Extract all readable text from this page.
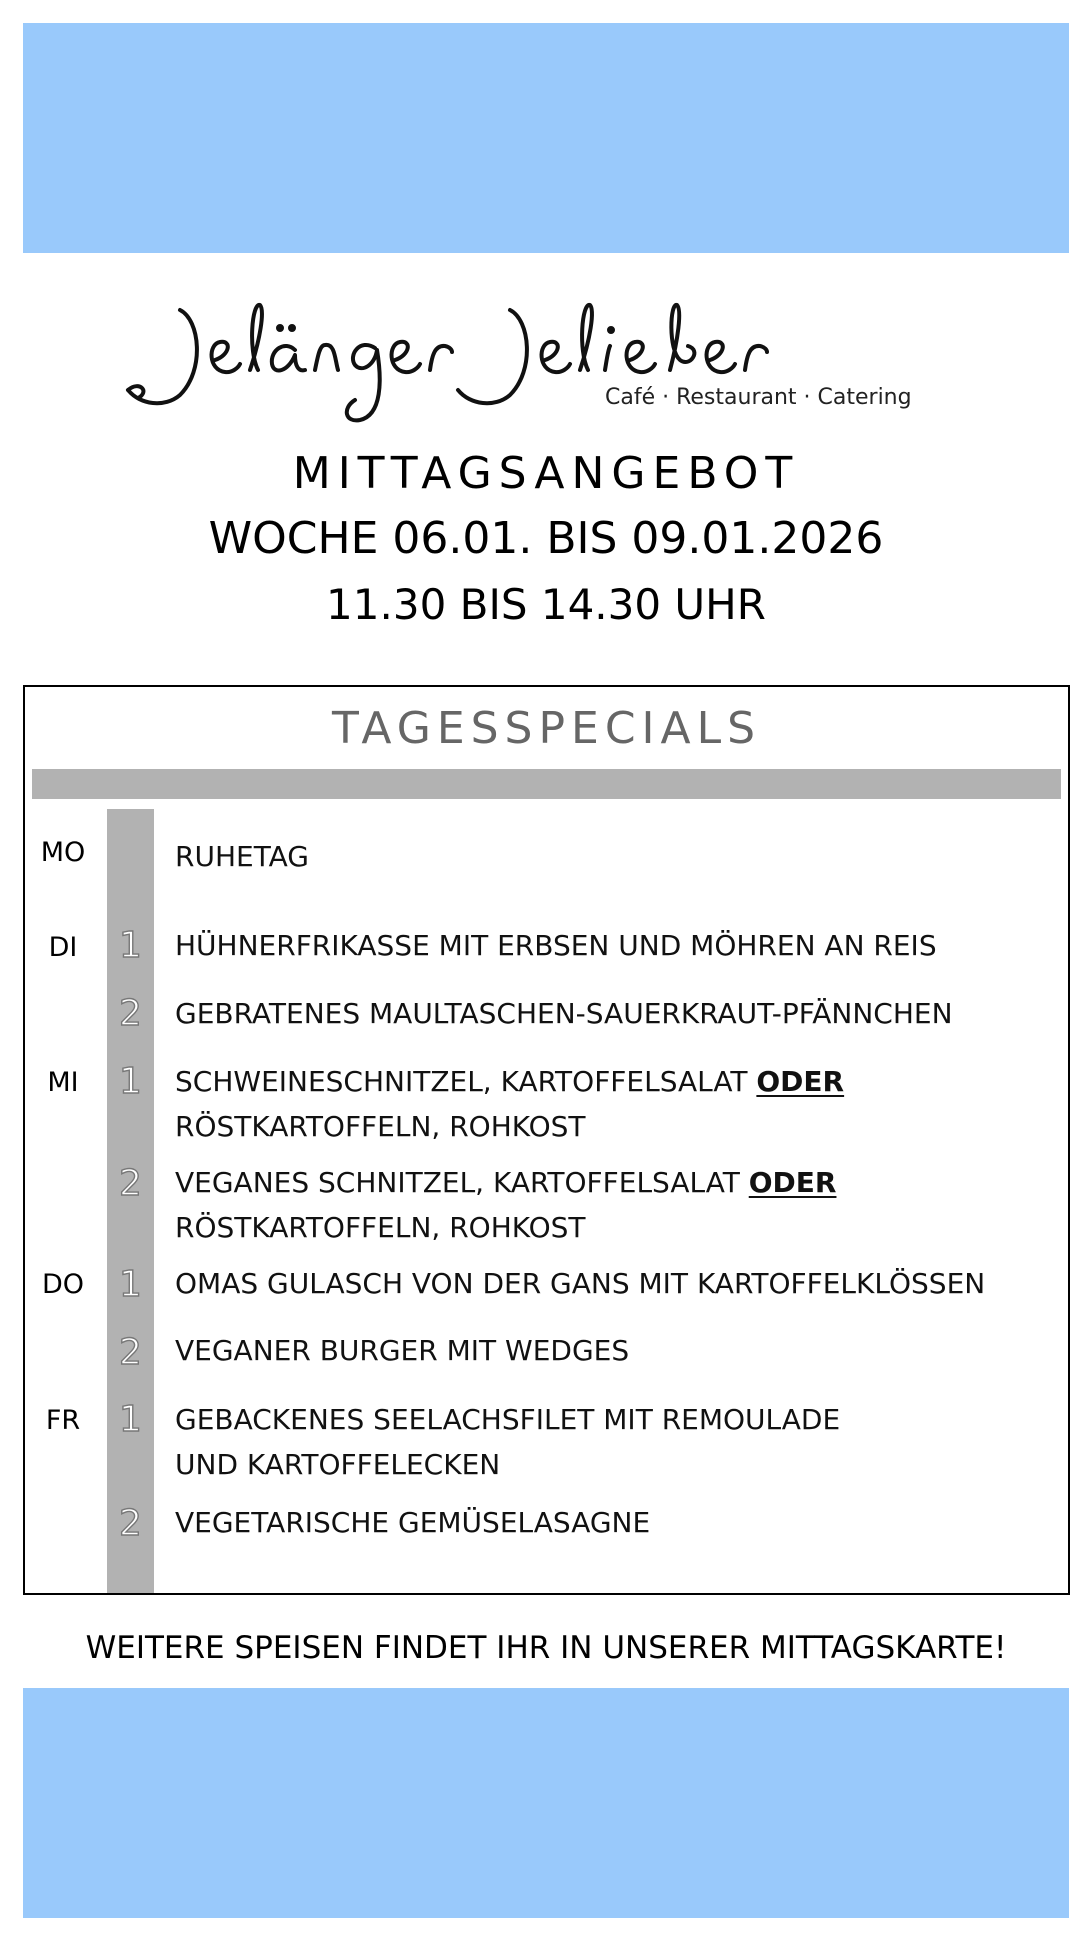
Café · Restaurant · Catering
MITTAGSANGEBOT
WOCHE 06.01. BIS 09.01.2026
11.30 BIS 14.30 UHR
TAGESSPECIALS
MO	RUHETAG
DI	1	HÜHNERFRIKASSE MIT ERBSEN UND MÖHREN AN REIS
2	GEBRATENES MAULTASCHEN-SAUERKRAUT-PFÄNNCHEN
MI	1	SCHWEINESCHNITZEL, KARTOFFELSALAT ODER
RÖSTKARTOFFELN, ROHKOST
2	VEGANES SCHNITZEL, KARTOFFELSALAT ODER
RÖSTKARTOFFELN, ROHKOST
DO 1	OMAS GULASCH VON DER GANS MIT KARTOFFELKLÖSSEN
2	VEGANER BURGER MIT WEDGES
FR	1	GEBACKENES SEELACHSFILET MIT REMOULADE
UND KARTOFFELECKEN
2	VEGETARISCHE GEMÜSELASAGNE
WEITERE SPEISEN FINDET IHR IN UNSERER MITTAGSKARTE!
